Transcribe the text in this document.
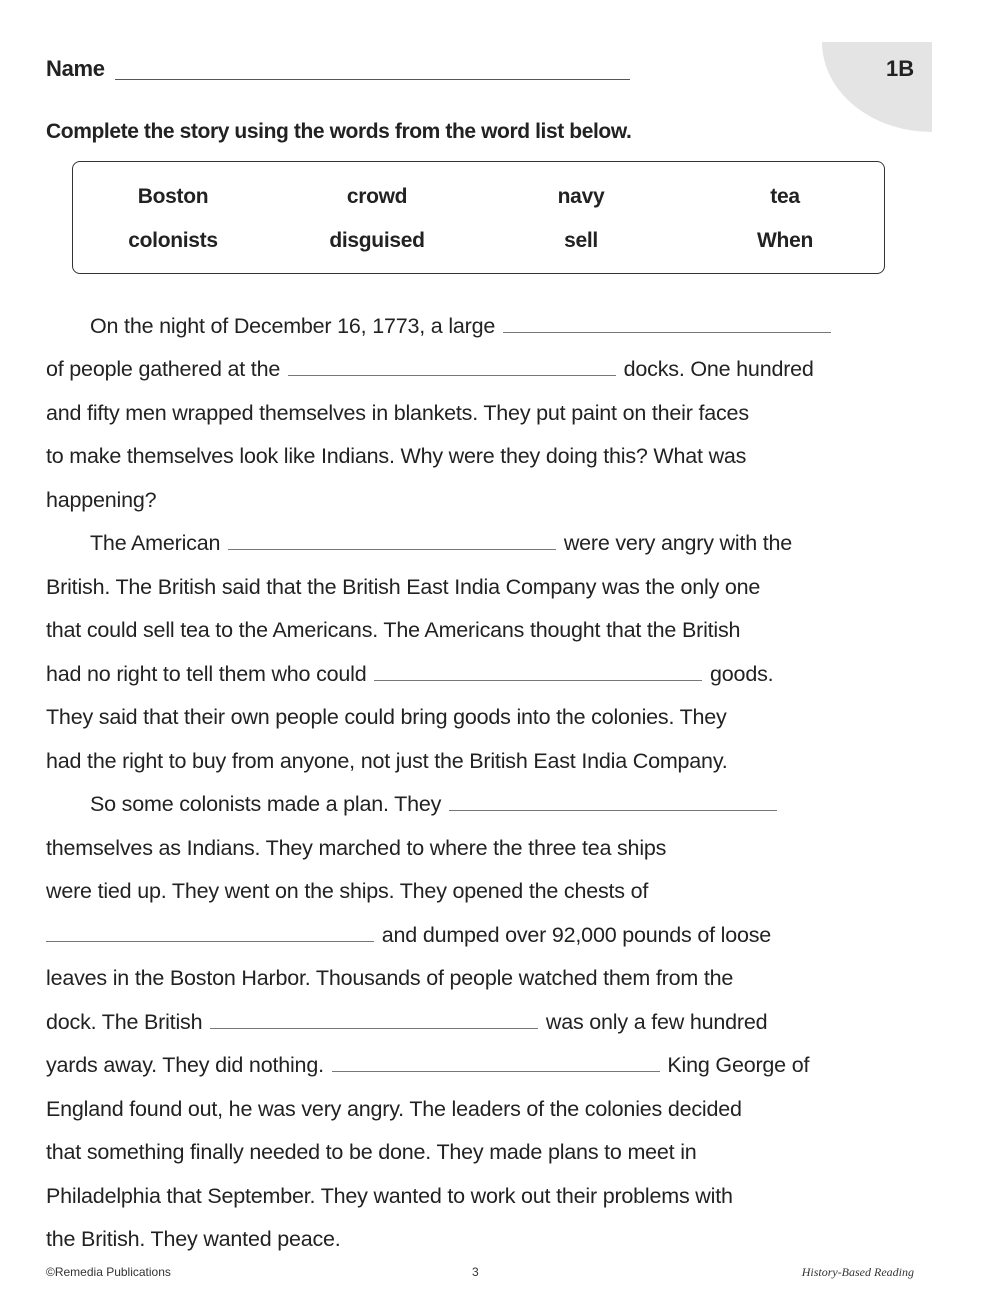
Name	1B
Complete the story using the words from the word list below.
Boston	crowd	navy	tea
colonists	disguised	sell	When
On the night of December 16, 1773, a large
of people gathered at the	docks. One hundred
and fifty men wrapped themselves in blankets. They put paint on their faces
to make themselves look like Indians. Why were they doing this? What was
happening?
The American	were very angry with the
British. The British said that the British East India Company was the only one
that could sell tea to the Americans. The Americans thought that the British
had no right to tell them who could	goods.
They said that their own people could bring goods into the colonies. They
had the right to buy from anyone, not just the British East India Company.
So some colonists made a plan. They
themselves as Indians. They marched to where the three tea ships
were tied up. They went on the ships. They opened the chests of
and dumped over 92,000 pounds of loose
leaves in the Boston Harbor. Thousands of people watched them from the
dock. The British	was only a few hundred
yards away. They did nothing.	King George of
England found out, he was very angry. The leaders of the colonies decided
that something finally needed to be done. They made plans to meet in
Philadelphia that September. They wanted to work out their problems with
the British. They wanted peace.
©Remedia Publications	3	History-Based Reading
